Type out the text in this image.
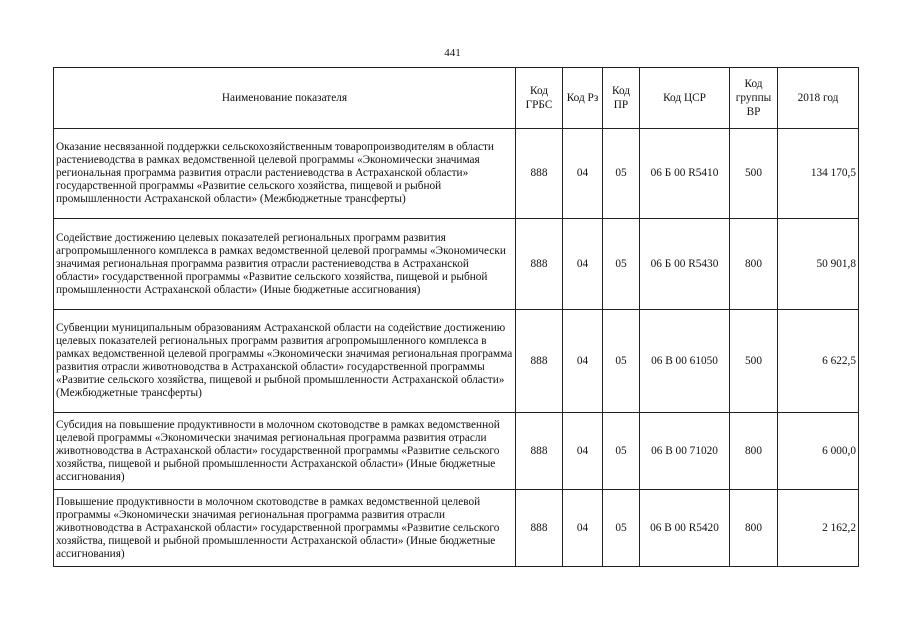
441
Наименование показателя	Код ГРБС	Код Рз	Код ПР	Код ЦСР	Код группы ВР	2018 год
Оказание несвязанной поддержки сельскохозяйственным товаропроизводителям в области растениеводства в рамках ведомственной целевой программы «Экономически значимая региональная программа развития отрасли растениеводства в Астраханской области» государственной программы «Развитие сельского хозяйства, пищевой и рыбной промышленности Астраханской области» (Межбюджетные трансферты)	888	04	05	06 Б 00 R5410	500	134 170,5
Содействие достижению целевых показателей региональных программ развития агропромышленного комплекса в рамках ведомственной целевой программы «Экономически значимая региональная программа развития отрасли растениеводства в Астраханской области» государственной программы «Развитие сельского хозяйства, пищевой и рыбной промышленности Астраханской области» (Иные бюджетные ассигнования)	888	04	05	06 Б 00 R5430	800	50 901,8
Субвенции муниципальным образованиям Астраханской области на содействие достижению целевых показателей региональных программ развития агропромышленного комплекса в рамках ведомственной целевой программы «Экономически значимая региональная программа развития отрасли животноводства в Астраханской области» государственной программы «Развитие сельского хозяйства, пищевой и рыбной промышленности Астраханской области» (Межбюджетные трансферты)	888	04	05	06 В 00 61050	500	6 622,5
Субсидия на повышение продуктивности в молочном скотоводстве в рамках ведомственной целевой программы «Экономически значимая региональная программа развития отрасли животноводства в Астраханской области» государственной программы «Развитие сельского хозяйства, пищевой и рыбной промышленности Астраханской области» (Иные бюджетные ассигнования)	888	04	05	06 В 00 71020	800	6 000,0
Повышение продуктивности в молочном скотоводстве в рамках ведомственной целевой программы «Экономически значимая региональная программа развития отрасли животноводства в Астраханской области» государственной программы «Развитие сельского хозяйства, пищевой и рыбной промышленности Астраханской области» (Иные бюджетные ассигнования)	888	04	05	06 В 00 R5420	800	2 162,2
